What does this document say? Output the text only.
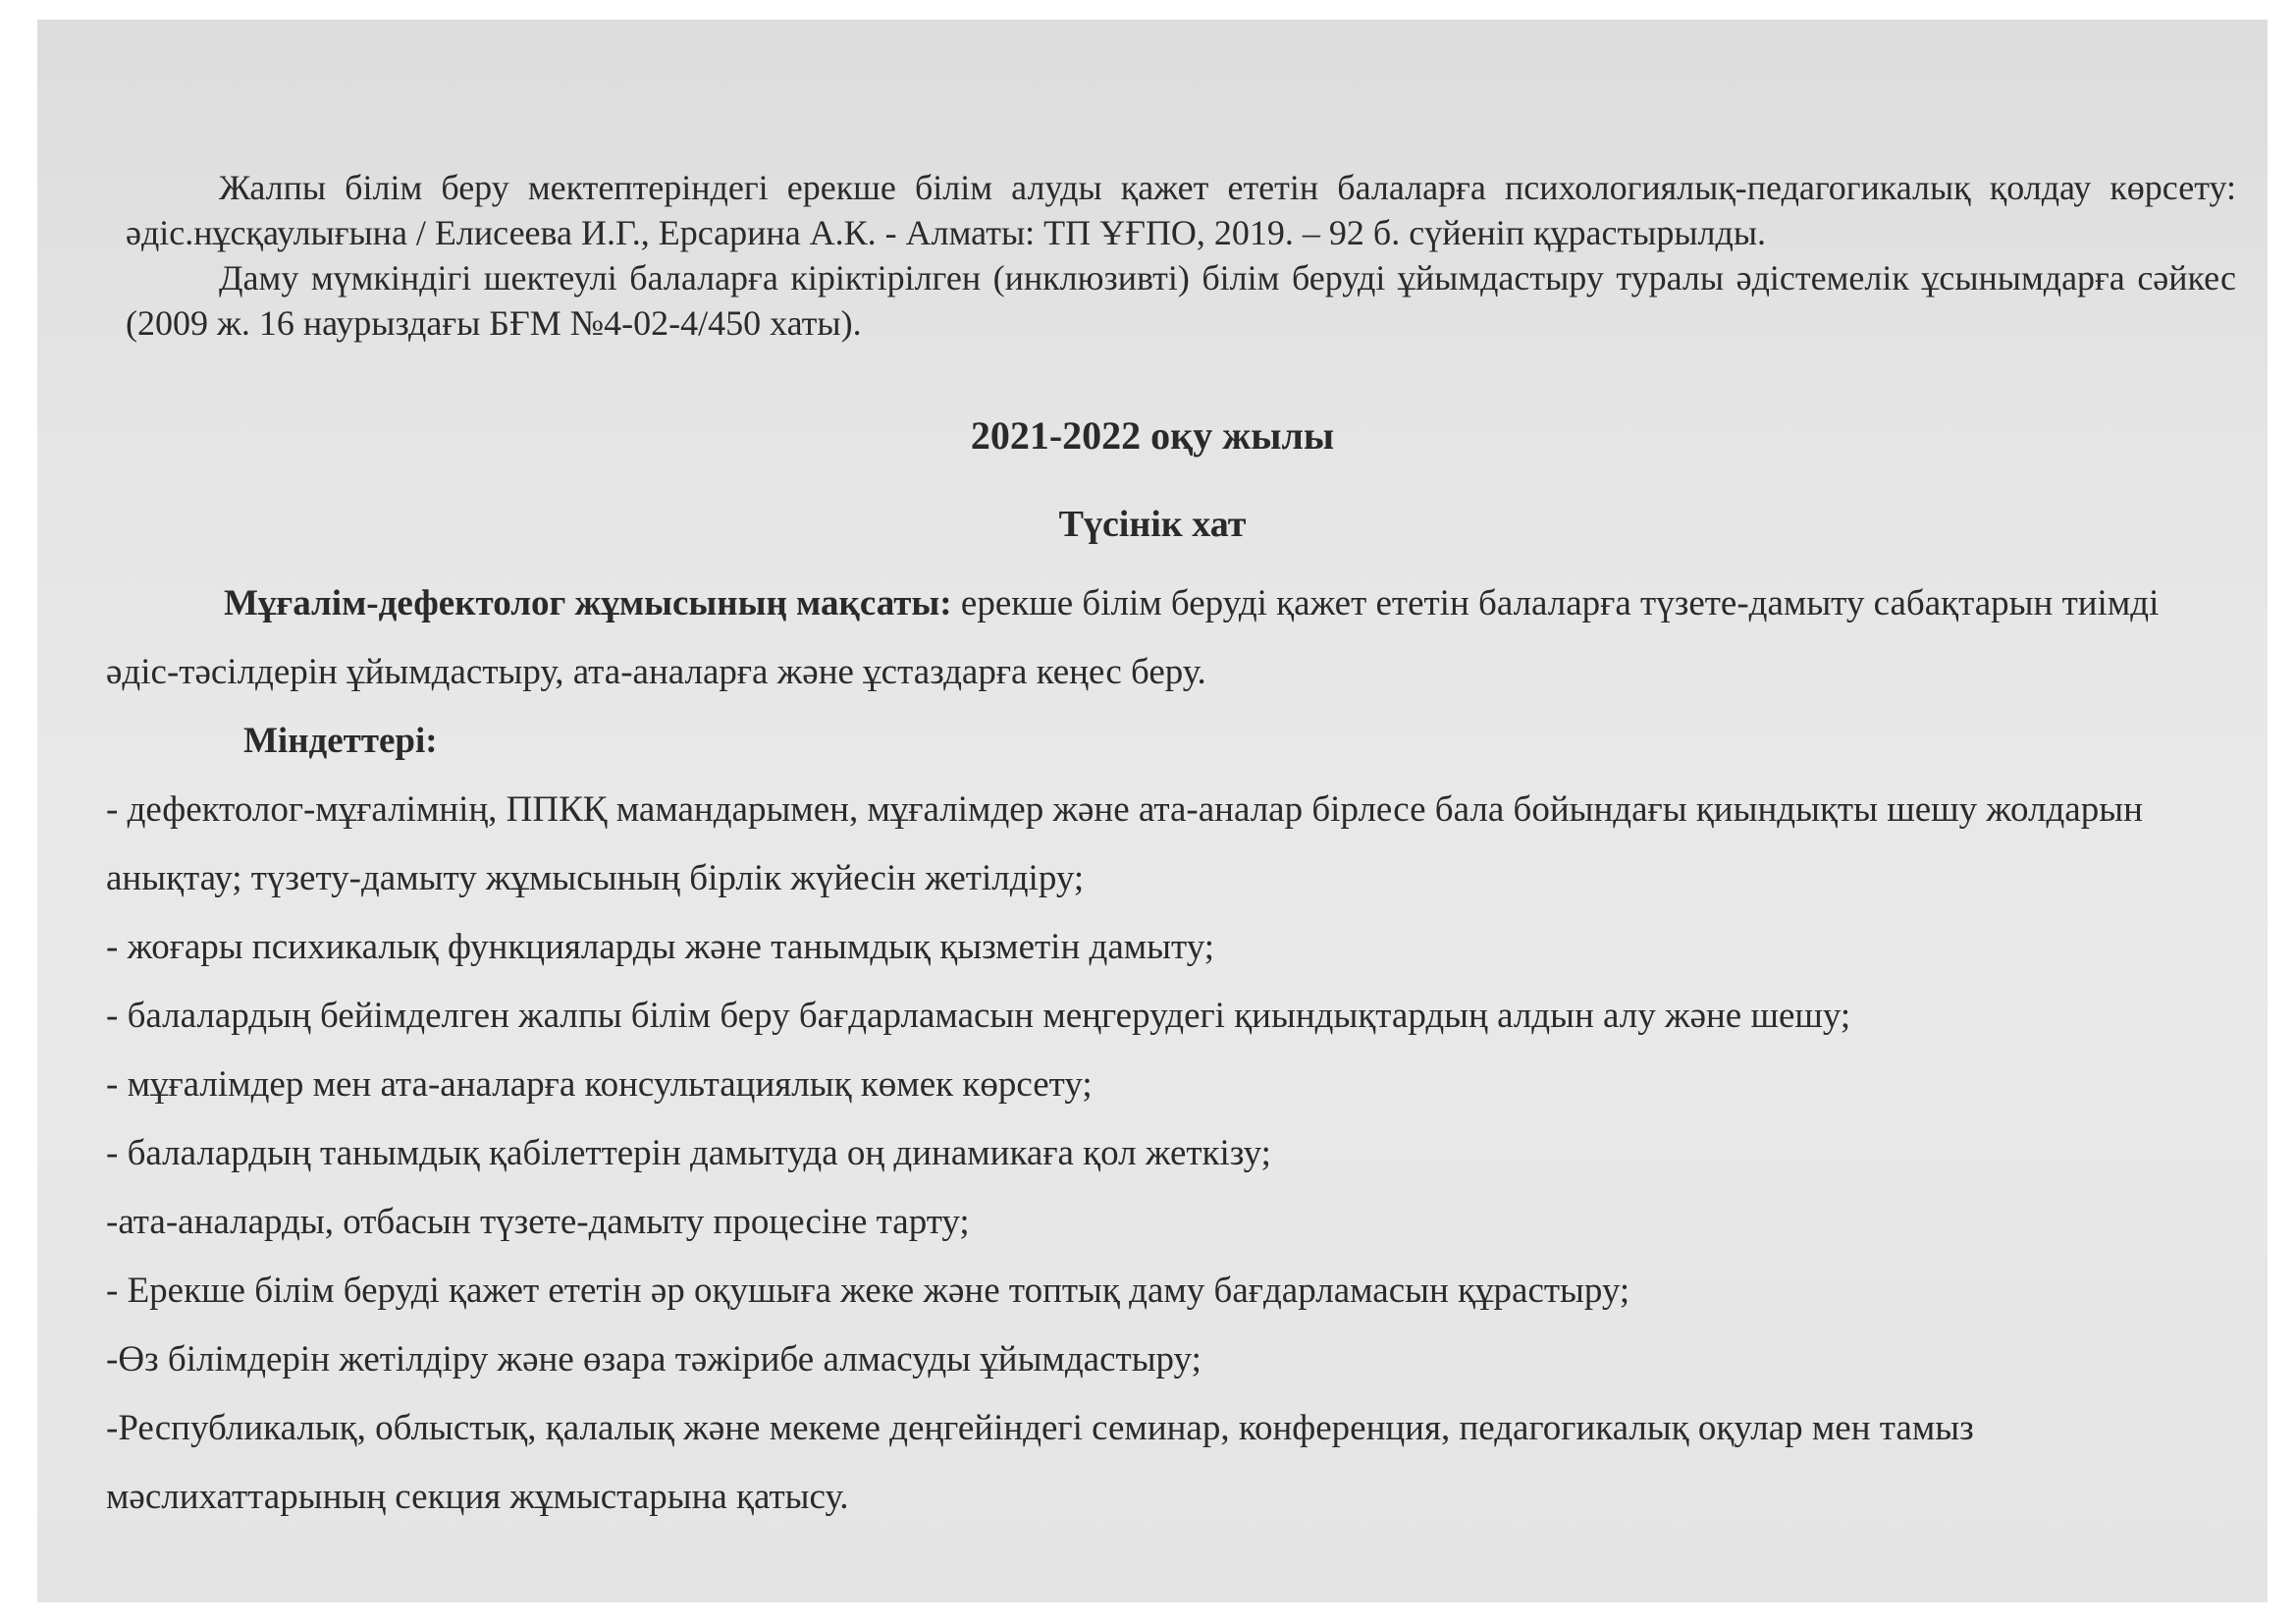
Жалпы білім беру мектептеріндегі ерекше білім алуды қажет ететін балаларға психологиялық-педагогикалық қолдау көрсету: әдіс.нұсқаулығына / Елисеева И.Г., Ерсарина А.К. - Алматы: ТП ҰҒПО, 2019. – 92 б. сүйеніп құрастырылды.

Даму мүмкіндігі шектеулі балаларға кіріктірілген (инклюзивті) білім беруді ұйымдастыру туралы әдістемелік ұсынымдарға сәйкес (2009 ж. 16 наурыздағы БҒМ №4-02-4/450 хаты).

2021-2022 оқу жылы
Түсінік хат

Мұғалім-дефектолог жұмысының мақсаты: ерекше білім беруді қажет ететін балаларға түзете-дамыту сабақтарын тиімді әдіс-тәсілдерін ұйымдастыру, ата-аналарға және ұстаздарға кеңес беру.

Міндеттері:

- дефектолог-мұғалімнің, ППКҚ мамандарымен, мұғалімдер және ата-аналар бірлесе бала бойындағы қиындықты шешу жолдарын анықтау; түзету-дамыту жұмысының бірлік жүйесін жетілдіру;
- жоғары психикалық функцияларды және танымдық қызметін дамыту;
- балалардың бейімделген жалпы білім беру бағдарламасын меңгерудегі қиындықтардың алдын алу және шешу;
- мұғалімдер мен ата-аналарға консультациялық көмек көрсету;
- балалардың танымдық қабілеттерін дамытуда оң динамикаға қол жеткізу;
-ата-аналарды, отбасын түзете-дамыту процесіне тарту;
- Ерекше білім беруді қажет ететін әр оқушыға жеке және топтық даму бағдарламасын құрастыру;
-Өз білімдерін жетілдіру және өзара тәжірибе алмасуды ұйымдастыру;
-Республикалық, облыстық, қалалық және мекеме деңгейіндегі семинар, конференция, педагогикалық оқулар мен тамыз мәслихаттарының секция жұмыстарына қатысу.
